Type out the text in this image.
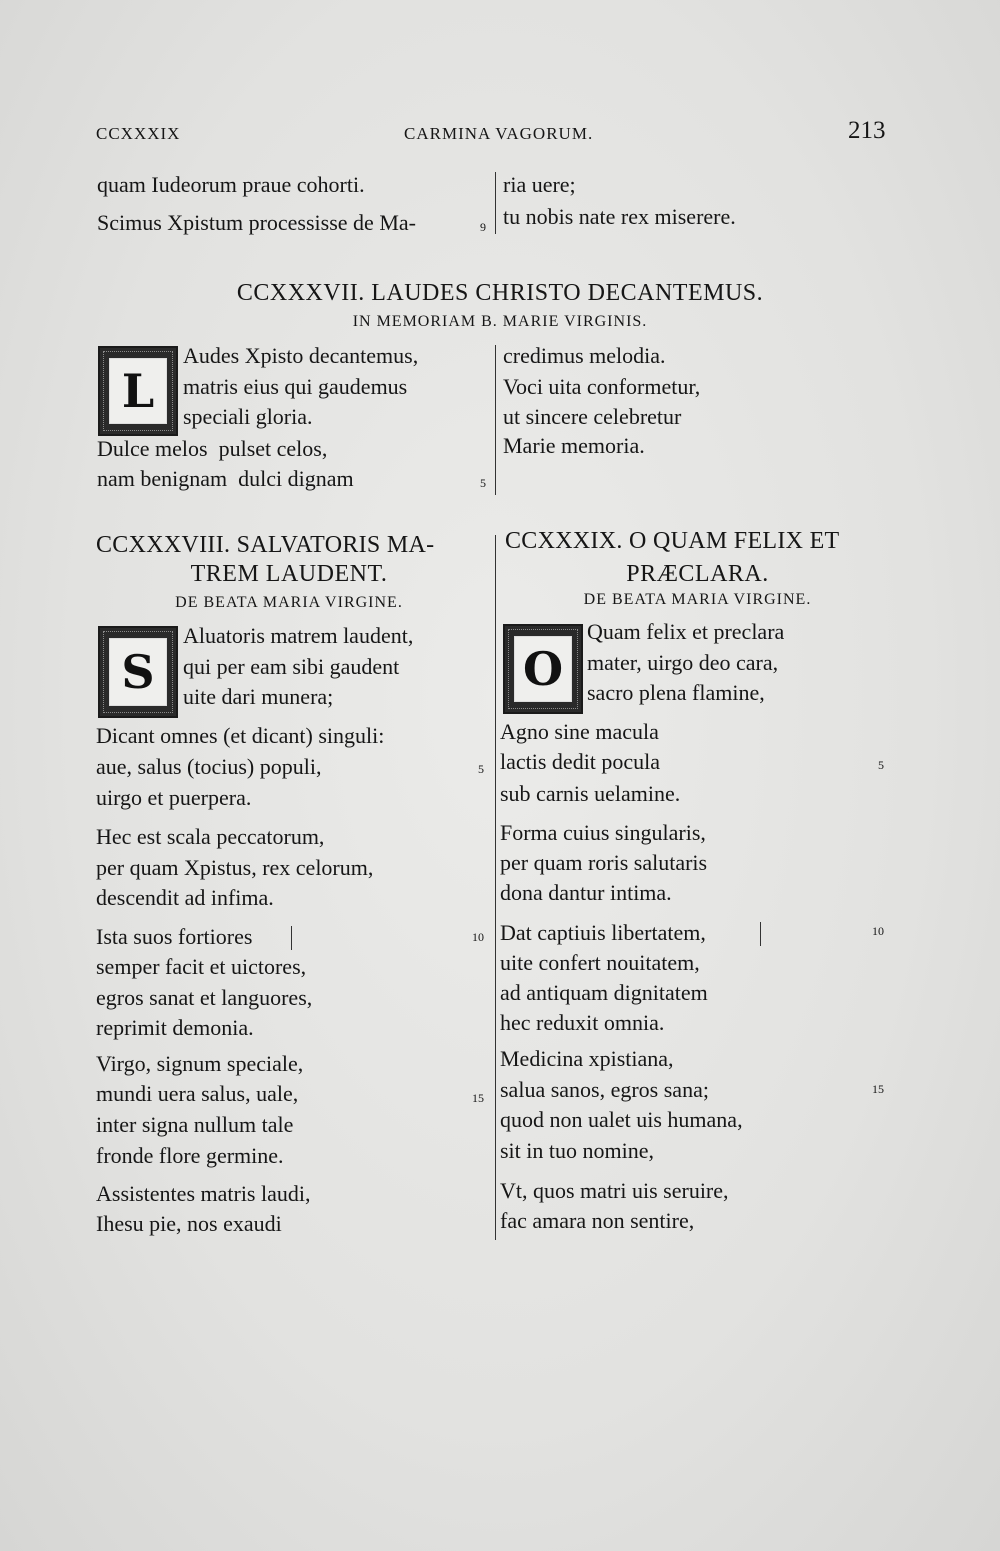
CCXXXIX	CARMINA VAGORUM.	213
quam Iudeorum praue cohorti.
Scimus Xpistum processisse de Ma-	9
ria uere;
tu nobis nate rex miserere.
CCXXXVII. LAUDES CHRISTO DECANTEMUS.
IN MEMORIAM B. MARIE VIRGINIS.
L
Audes Xpisto decantemus,
matris eius qui gaudemus
speciali gloria.
Dulce melos  pulset celos,
nam benignam  dulci dignam	5
credimus melodia.
Voci uita conformetur,
ut sincere celebretur
Marie memoria.
CCXXXVIII. SALVATORIS MA-
TREM LAUDENT.
DE BEATA MARIA VIRGINE.
S
Aluatoris matrem laudent,
qui per eam sibi gaudent
uite dari munera;
Dicant omnes (et dicant) singuli:
aue, salus (tocius) populi,
uirgo et puerpera.
Hec est scala peccatorum,
per quam Xpistus, rex celorum,
descendit ad infima.
Ista suos fortiores
semper facit et uictores,
egros sanat et languores,
reprimit demonia.
Virgo, signum speciale,
mundi uera salus, uale,
inter signa nullum tale
fronde flore germine.
Assistentes matris laudi,
Ihesu pie, nos exaudi
5
10
15
CCXXXIX. O QUAM FELIX ET
PRÆCLARA.
DE BEATA MARIA VIRGINE.
O
Quam felix et preclara
mater, uirgo deo cara,
sacro plena flamine,
Agno sine macula
lactis dedit pocula
sub carnis uelamine.
Forma cuius singularis,
per quam roris salutaris
dona dantur intima.
Dat captiuis libertatem,
uite confert nouitatem,
ad antiquam dignitatem
hec reduxit omnia.
Medicina xpistiana,
salua sanos, egros sana;
quod non ualet uis humana,
sit in tuo nomine,
Vt, quos matri uis seruire,
fac amara non sentire,
5
10
15
